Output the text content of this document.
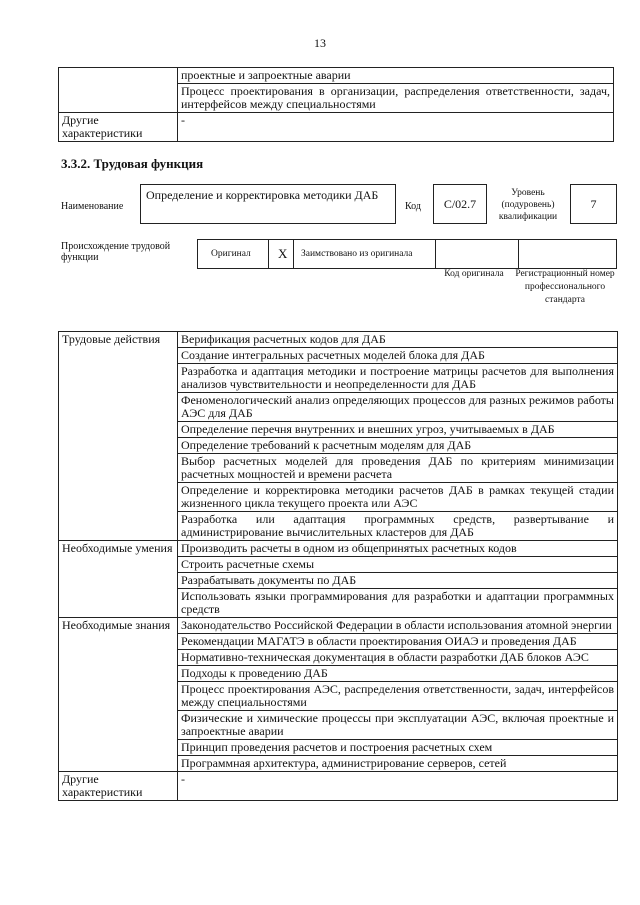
13
	проектные и запроектные аварии
	Процесс проектирования в организации, распределения ответственности, задач, интерфейсов между специальностями
Другие характеристики	-
3.3.2. Трудовая функция
Наименование
Определение и корректировка методики ДАБ
Код	C/02.7
Уровень (подуровень) квалификации
7
Происхождение трудовой функции	Оригинал X Заимствовано из оригинала
Код оригинала	Регистрационный номер профессионального стандарта
Трудовые действия	Верификация расчетных кодов для ДАБ
	Создание интегральных расчетных моделей блока для ДАБ
	Разработка и адаптация методики и построение матрицы расчетов для выполнения анализов чувствительности и неопределенности для ДАБ
	Феноменологический анализ определяющих процессов для разных режимов работы АЭС для ДАБ
	Определение перечня внутренних и внешних угроз, учитываемых в ДАБ
	Определение требований к расчетным моделям для ДАБ
	Выбор расчетных моделей для проведения ДАБ по критериям минимизации расчетных мощностей и времени расчета
	Определение и корректировка методики расчетов ДАБ в рамках текущей стадии жизненного цикла текущего проекта или АЭС
	Разработка или адаптация программных средств, развертывание и администрирование вычислительных кластеров для ДАБ
Необходимые умения	Производить расчеты в одном из общепринятых расчетных кодов
	Строить расчетные схемы
	Разрабатывать документы по ДАБ
	Использовать языки программирования для разработки и адаптации программных средств
Необходимые знания	Законодательство Российской Федерации в области использования атомной энергии
	Рекомендации МАГАТЭ в области проектирования ОИАЭ и проведения ДАБ
	Нормативно-техническая документация в области разработки ДАБ блоков АЭС
	Подходы к проведению ДАБ
	Процесс проектирования АЭС, распределения ответственности, задач, интерфейсов между специальностями
	Физические и химические процессы при эксплуатации АЭС, включая проектные и запроектные аварии
	Принцип проведения расчетов и построения расчетных схем
	Программная архитектура, администрирование серверов, сетей
Другие характеристики	-
